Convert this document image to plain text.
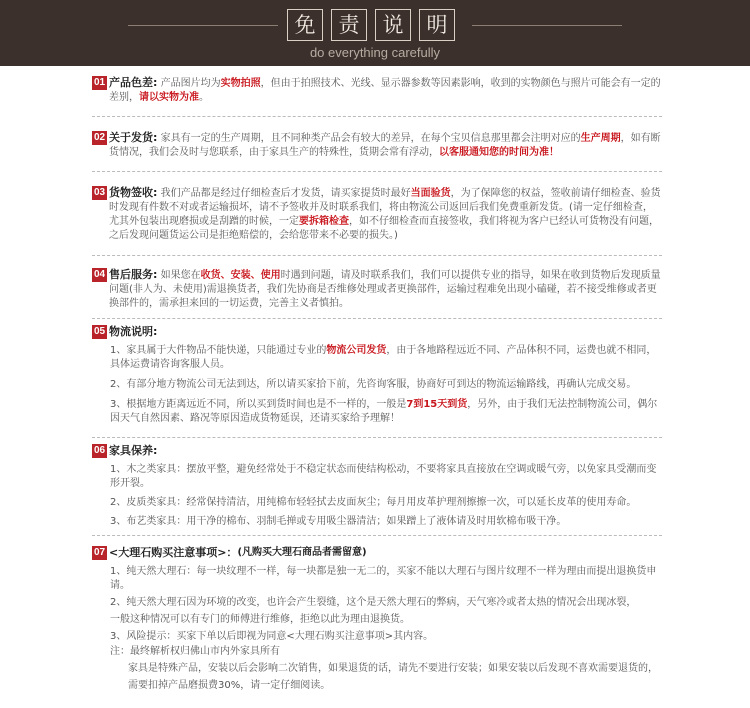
免	责	说	明
do everything carefully
01 产品色差: 产品图片均为实物拍照，但由于拍照技术、光线、显示器参数等因素影响，收到的实物颜色与照片可能会有一定的差别，请以实物为准。
02 关于发货: 家具有一定的生产周期，且不同种类产品会有较大的差异，在每个宝贝信息那里都会注明对应的生产周期，如有断货情况，我们会及时与您联系，由于家具生产的特殊性，货期会常有浮动，以客服通知您的时间为准！
03 货物签收: 我们产品都是经过仔细检查后才发货，请买家提货时最好当面验货，为了保障您的权益，签收前请仔细检查、验货时发现有件数不对或者运输损坏，请不予签收并及时联系我们，将由物流公司返回后我们免费重新发货。(请一定仔细检查，尤其外包装出现磨损或是刮蹭的时候，一定要拆箱检查，如不仔细检查而直接签收，我们将视为客户已经认可货物没有问题，之后发现问题货运公司是拒绝赔偿的，会给您带来不必要的损失。)
04 售后服务: 如果您在收货、安装、使用时遇到问题，请及时联系我们，我们可以提供专业的指导，如果在收到货物后发现质量问题(非人为、未使用)需退换货者，我们先协商是否维修处理或者更换部件，运输过程难免出现小磕碰，若不接受维修或者更换部件的，需承担来回的一切运费，完善主义者慎拍。
05 物流说明:
1、家具属于大件物品不能快递，只能通过专业的物流公司发货，由于各地路程远近不同、产品体积不同，运费也就不相同，具体运费请咨询客服人员。
2、有部分地方物流公司无法到达，所以请买家拾下前，先咨询客服，协商好可到达的物流运输路线，再确认完成交易。
3、根据地方距离远近不同，所以买到货时间也是不一样的，一般是7到15天到货，另外，由于我们无法控制物流公司，偶尔因天气自然因素、路况等原因造成货物延误，还请买家给予理解！
06 家具保养:
1、木之类家具：摆放平整，避免经常处于不稳定状态而使结构松动，不要将家具直接放在空调或暖气旁，以免家具受潮而变形开裂。
2、皮质类家具：经常保持清洁，用纯棉布轻轻拭去皮面灰尘；每月用皮革护理剂擦擦一次，可以延长皮革的使用寿命。
3、布艺类家具：用干净的棉布、羽制毛掸或专用吸尘器清洁；如果蹭上了液体请及时用软棉布吸干净。
07 <大理石购买注意事项>： (凡购买大理石商品者需留意)
1、纯天然大理石：每一块纹理不一样，每一块都是独一无二的，买家不能以大理石与图片纹理不一样为理由而提出退换货申请。
2、纯天然大理石因为环境的改变，也许会产生裂缝，这个是天然大理石的弊病，天气寒冷或者太热的情况会出现冰裂，
一般这种情况可以有专门的师傅进行维修，拒绝以此为理由退换货。
3、风险提示：买家下单以后即视为同意<大理石购买注意事项>其内容。
注：最终解析权归佛山市内外家具所有
家具是特殊产品，安装以后会影响二次销售，如果退货的话，请先不要进行安装；如果安装以后发现不喜欢需要退货的，
需要扣掉产品磨损费30%，请一定仔细阅读。
